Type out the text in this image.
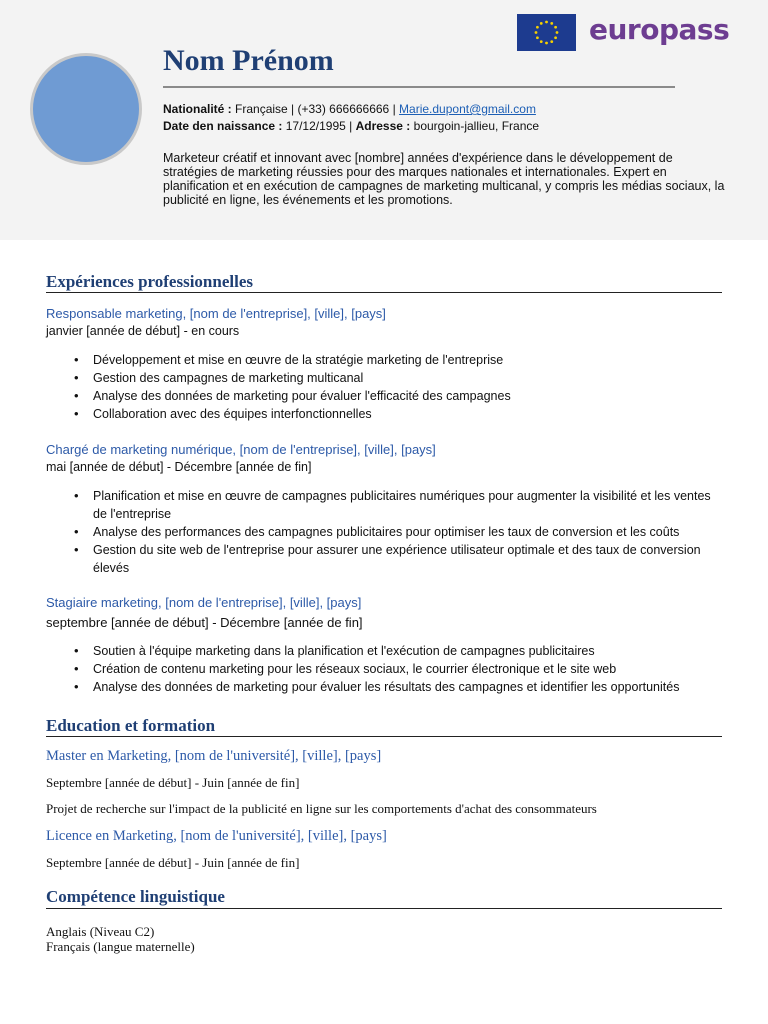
europass
Nom Prénom
Nationalité : Française | (+33) 666666666 | Marie.dupont@gmail.com
Date den naissance : 17/12/1995 | Adresse : bourgoin-jallieu, France

Marketeur créatif et innovant avec [nombre] années d'expérience dans le développement de stratégies de marketing réussies pour des marques nationales et internationales. Expert en planification et en exécution de campagnes de marketing multicanal, y compris les médias sociaux, la publicité en ligne, les événements et les promotions.

Expériences professionnelles
Responsable marketing, [nom de l'entreprise], [ville], [pays]
janvier [année de début] - en cours
• Développement et mise en œuvre de la stratégie marketing de l'entreprise
• Gestion des campagnes de marketing multicanal
• Analyse des données de marketing pour évaluer l'efficacité des campagnes
• Collaboration avec des équipes interfonctionnelles
Chargé de marketing numérique, [nom de l'entreprise], [ville], [pays]
mai [année de début] - Décembre [année de fin]
• Planification et mise en œuvre de campagnes publicitaires numériques pour augmenter la visibilité et les ventes de l'entreprise
• Analyse des performances des campagnes publicitaires pour optimiser les taux de conversion et les coûts
• Gestion du site web de l'entreprise pour assurer une expérience utilisateur optimale et des taux de conversion élevés
Stagiaire marketing, [nom de l'entreprise], [ville], [pays]
septembre [année de début] - Décembre [année de fin]
• Soutien à l'équipe marketing dans la planification et l'exécution de campagnes publicitaires
• Création de contenu marketing pour les réseaux sociaux, le courrier électronique et le site web
• Analyse des données de marketing pour évaluer les résultats des campagnes et identifier les opportunités
Education et formation
Master en Marketing, [nom de l'université], [ville], [pays]
Septembre [année de début] - Juin [année de fin]
Projet de recherche sur l'impact de la publicité en ligne sur les comportements d'achat des consommateurs
Licence en Marketing, [nom de l'université], [ville], [pays]
Septembre [année de début] - Juin [année de fin]
Compétence linguistique
Anglais (Niveau C2)
Français (langue maternelle)
